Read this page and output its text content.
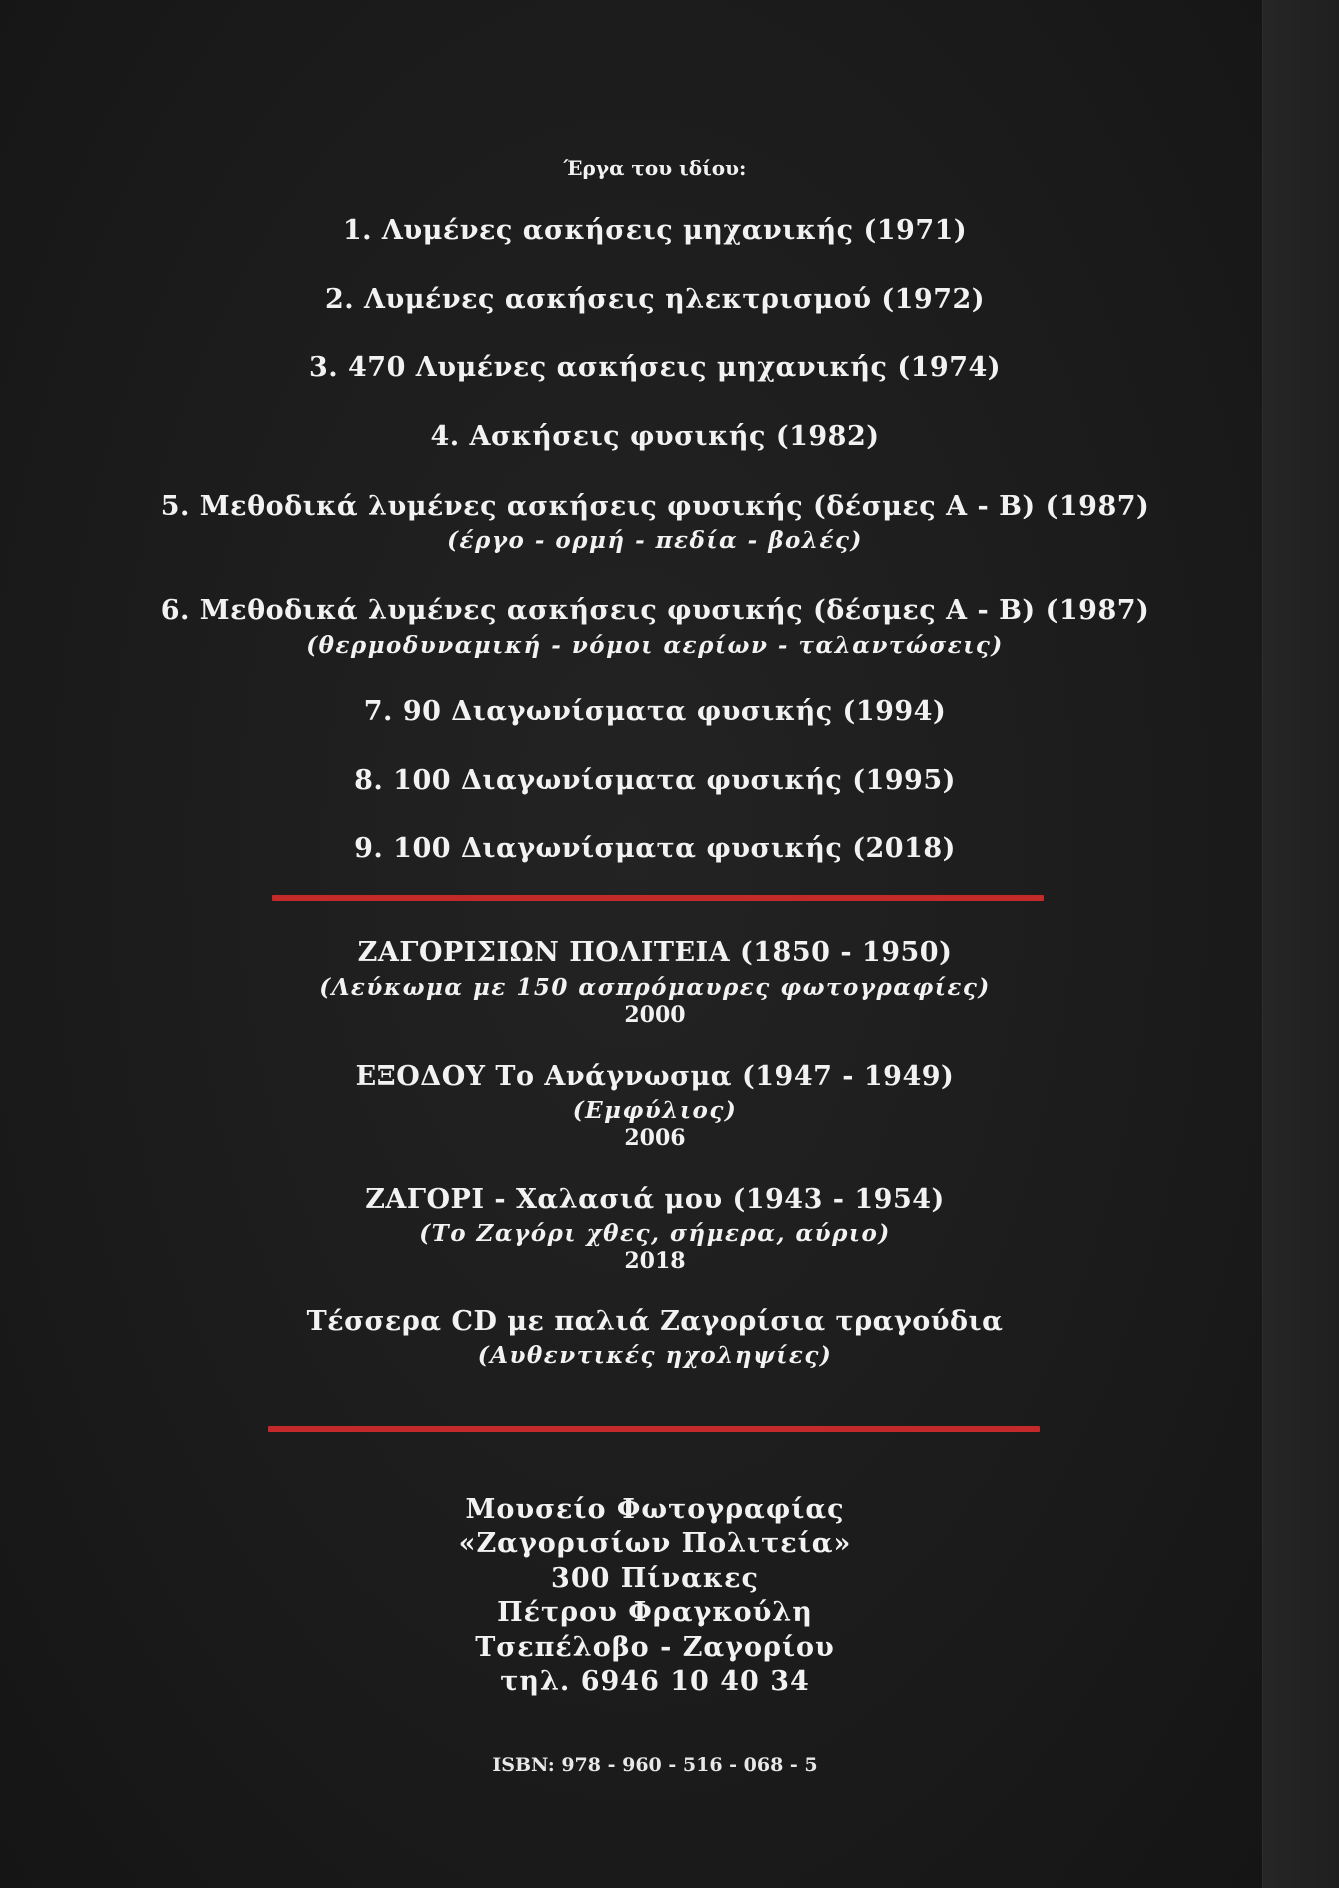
Έργα του ιδίου:
1. Λυμένες ασκήσεις μηχανικής (1971)
2. Λυμένες ασκήσεις ηλεκτρισμού (1972)
3. 470 Λυμένες ασκήσεις μηχανικής (1974)
4. Ασκήσεις φυσικής (1982)
5. Μεθοδικά λυμένες ασκήσεις φυσικής (δέσμες Α - Β) (1987)
(έργο - ορμή - πεδία - βολές)
6. Μεθοδικά λυμένες ασκήσεις φυσικής (δέσμες Α - Β) (1987)
(θερμοδυναμική - νόμοι αερίων - ταλαντώσεις)
7. 90 Διαγωνίσματα φυσικής (1994)
8. 100 Διαγωνίσματα φυσικής (1995)
9. 100 Διαγωνίσματα φυσικής (2018)
ΖΑΓΟΡΙΣΙΩΝ ΠΟΛΙΤΕΙΑ (1850 - 1950)
(Λεύκωμα με 150 ασπρόμαυρες φωτογραφίες)
2000
ΕΞΟΔΟΥ Το Ανάγνωσμα (1947 - 1949)
(Εμφύλιος)
2006
ΖΑΓΟΡΙ - Χαλασιά μου (1943 - 1954)
(Το Ζαγόρι χθες, σήμερα, αύριο)
2018
Τέσσερα CD με παλιά Ζαγορίσια τραγούδια
(Αυθεντικές ηχοληψίες)
Μουσείο Φωτογραφίας
«Ζαγορισίων Πολιτεία»
300 Πίνακες
Πέτρου Φραγκούλη
Τσεπέλοβο - Ζαγορίου
τηλ. 6946 10 40 34
ISBN: 978 - 960 - 516 - 068 - 5
